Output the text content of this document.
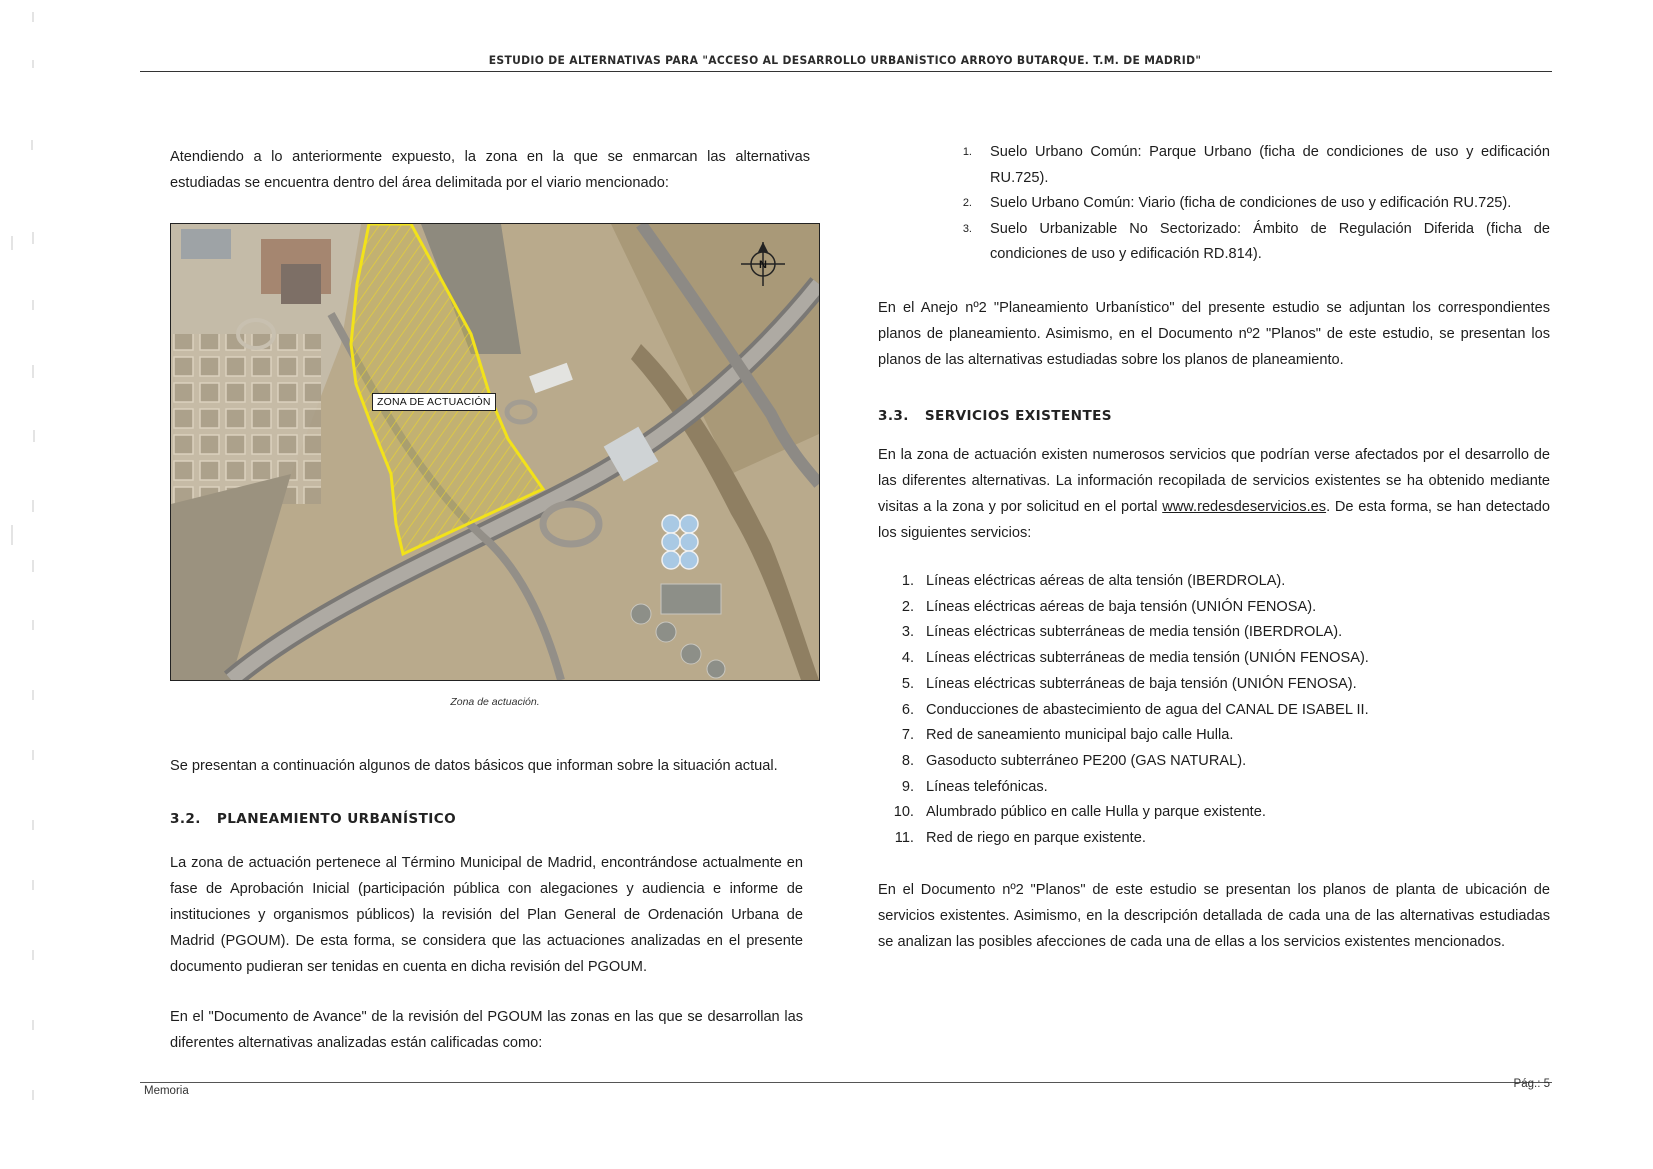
ESTUDIO DE ALTERNATIVAS PARA "ACCESO AL DESARROLLO URBANÍSTICO ARROYO BUTARQUE. T.M. DE MADRID"

Atendiendo a lo anteriormente expuesto, la zona en la que se enmarcan las alternativas estudiadas se encuentra dentro del área delimitada por el viario mencionado:

N
ZONA DE ACTUACIÓN
Zona de actuación.

Se presentan a continuación algunos de datos básicos que informan sobre la situación actual.

3.2. PLANEAMIENTO URBANÍSTICO

La zona de actuación pertenece al Término Municipal de Madrid, encontrándose actualmente en fase de Aprobación Inicial (participación pública con alegaciones y audiencia e informe de instituciones y organismos públicos) la revisión del Plan General de Ordenación Urbana de Madrid (PGOUM). De esta forma, se considera que las actuaciones analizadas en el presente documento pudieran ser tenidas en cuenta en dicha revisión del PGOUM.

En el "Documento de Avance" de la revisión del PGOUM las zonas en las que se desarrollan las diferentes alternativas analizadas están calificadas como:

1. Suelo Urbano Común: Parque Urbano (ficha de condiciones de uso y edificación RU.725).
2. Suelo Urbano Común: Viario (ficha de condiciones de uso y edificación RU.725).
3. Suelo Urbanizable No Sectorizado: Ámbito de Regulación Diferida (ficha de condiciones de uso y edificación RD.814).

En el Anejo nº2 "Planeamiento Urbanístico" del presente estudio se adjuntan los correspondientes planos de planeamiento. Asimismo, en el Documento nº2 "Planos" de este estudio, se presentan los planos de las alternativas estudiadas sobre los planos de planeamiento.

3.3. SERVICIOS EXISTENTES

En la zona de actuación existen numerosos servicios que podrían verse afectados por el desarrollo de las diferentes alternativas. La información recopilada de servicios existentes se ha obtenido mediante visitas a la zona y por solicitud en el portal www.redesdeservicios.es. De esta forma, se han detectado los siguientes servicios:

1. Líneas eléctricas aéreas de alta tensión (IBERDROLA).
2. Líneas eléctricas aéreas de baja tensión (UNIÓN FENOSA).
3. Líneas eléctricas subterráneas de media tensión (IBERDROLA).
4. Líneas eléctricas subterráneas de media tensión (UNIÓN FENOSA).
5. Líneas eléctricas subterráneas de baja tensión (UNIÓN FENOSA).
6. Conducciones de abastecimiento de agua del CANAL DE ISABEL II.
7. Red de saneamiento municipal bajo calle Hulla.
8. Gasoducto subterráneo PE200 (GAS NATURAL).
9. Líneas telefónicas.
10. Alumbrado público en calle Hulla y parque existente.
11. Red de riego en parque existente.

En el Documento nº2 "Planos" de este estudio se presentan los planos de planta de ubicación de servicios existentes. Asimismo, en la descripción detallada de cada una de las alternativas estudiadas se analizan las posibles afecciones de cada una de ellas a los servicios existentes mencionados.

Memoria
Pág.: 5
